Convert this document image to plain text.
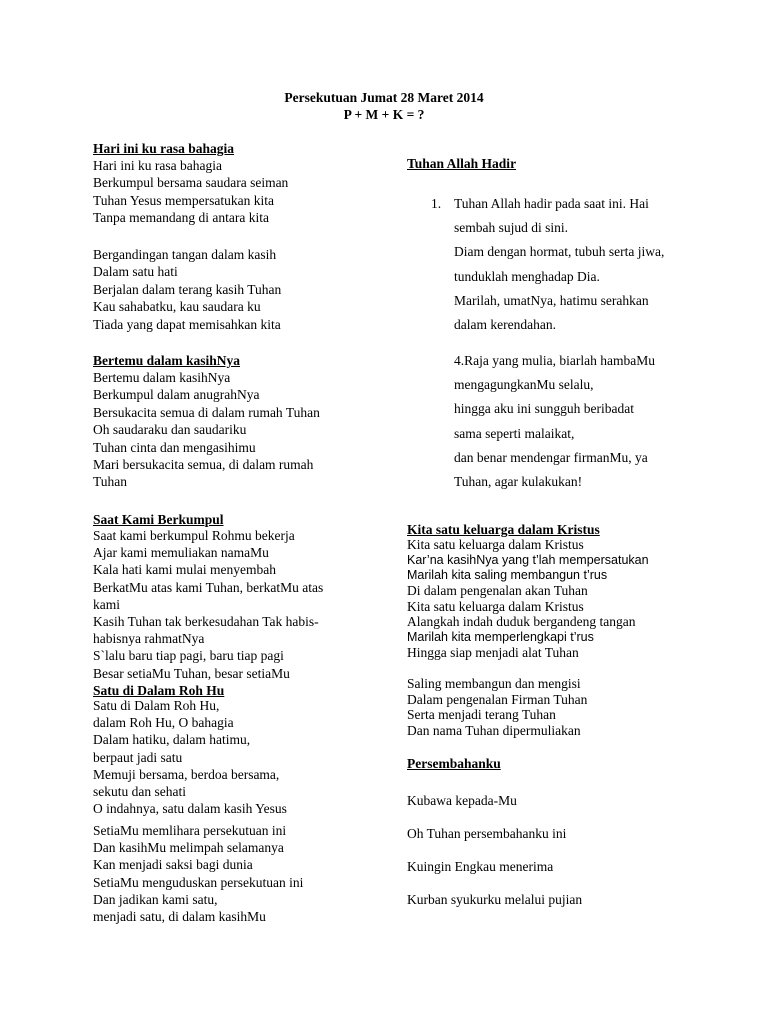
Persekutuan Jumat 28 Maret 2014
P + M + K = ?
Hari ini ku rasa bahagia
Hari ini ku rasa bahagia
Berkumpul bersama saudara seiman
Tuhan Yesus mempersatukan kita
Tanpa memandang di antara kita
Bergandingan tangan dalam kasih
Dalam satu hati
Berjalan dalam terang kasih Tuhan
Kau sahabatku, kau saudara ku
Tiada yang dapat memisahkan kita
Bertemu dalam kasihNya
Bertemu dalam kasihNya
Berkumpul dalam anugrahNya
Bersukacita semua di dalam rumah Tuhan
Oh saudaraku dan saudariku
Tuhan cinta dan mengasihimu
Mari bersukacita semua, di dalam rumah
Tuhan
Saat Kami Berkumpul
Saat kami berkumpul Rohmu bekerja
Ajar kami memuliakan namaMu
Kala hati kami mulai menyembah
BerkatMu atas kami Tuhan, berkatMu atas
kami
Kasih Tuhan tak berkesudahan Tak habis-
habisnya rahmatNya
S`lalu baru tiap pagi, baru tiap pagi
Besar setiaMu Tuhan, besar setiaMu
Satu di Dalam Roh Hu
Satu di Dalam Roh Hu,
dalam Roh Hu, O bahagia
Dalam hatiku, dalam hatimu,
berpaut jadi satu
Memuji bersama, berdoa bersama,
sekutu dan sehati
O indahnya, satu dalam kasih Yesus
SetiaMu memlihara persekutuan ini
Dan kasihMu melimpah selamanya
Kan menjadi saksi bagi dunia
SetiaMu menguduskan persekutuan ini
Dan jadikan kami satu,
menjadi satu, di dalam kasihMu
Tuhan Allah Hadir
1. Tuhan Allah hadir pada saat ini. Hai
sembah sujud di sini.
Diam dengan hormat, tubuh serta jiwa,
tunduklah menghadap Dia.
Marilah, umatNya, hatimu serahkan
dalam kerendahan.
4.Raja yang mulia, biarlah hambaMu
mengagungkanMu selalu,
hingga aku ini sungguh beribadat
sama seperti malaikat,
dan benar mendengar firmanMu, ya
Tuhan, agar kulakukan!
Kita satu keluarga dalam Kristus
Kita satu keluarga dalam Kristus
Kar’na kasihNya yang t’lah mempersatukan
Marilah kita saling membangun t’rus
Di dalam pengenalan akan Tuhan
Kita satu keluarga dalam Kristus
Alangkah indah duduk bergandeng tangan
Marilah kita memperlengkapi t’rus
Hingga siap menjadi alat Tuhan
Saling membangun dan mengisi
Dalam pengenalan Firman Tuhan
Serta menjadi terang Tuhan
Dan nama Tuhan dipermuliakan
Persembahanku
Kubawa kepada-Mu
Oh Tuhan persembahanku ini
Kuingin Engkau menerima
Kurban syukurku melalui pujian
